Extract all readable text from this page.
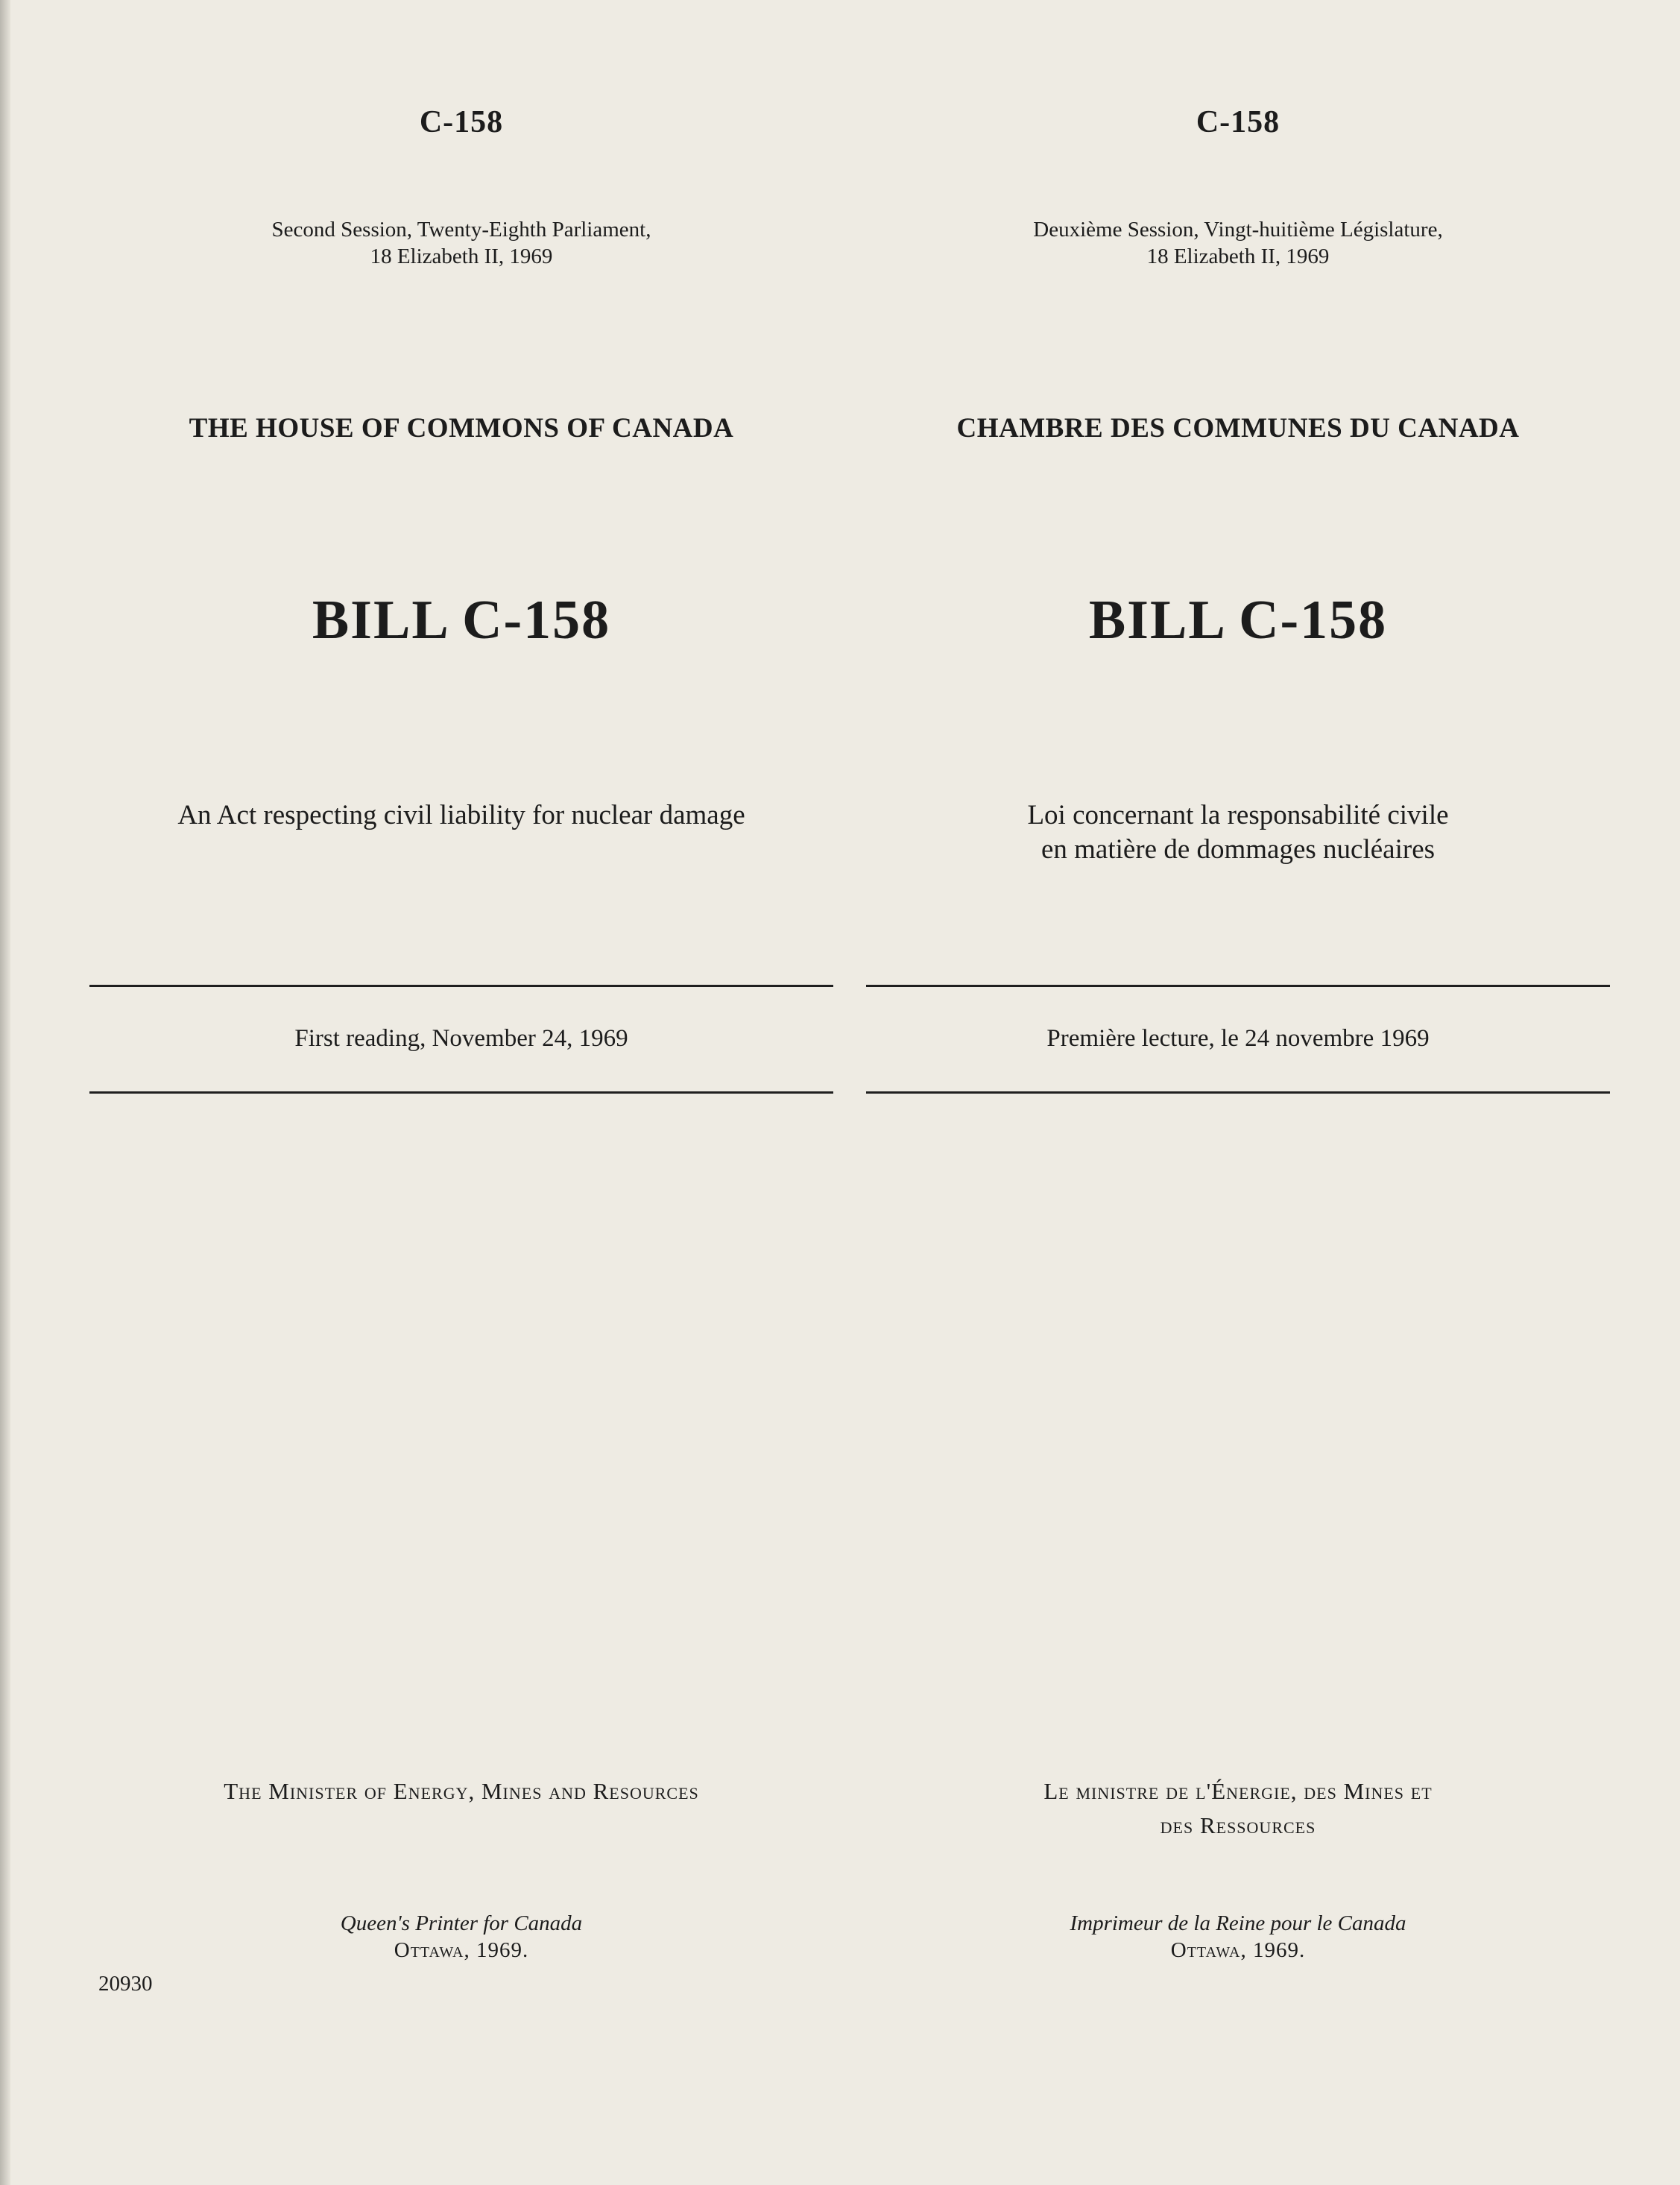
C-158
Second Session, Twenty-Eighth Parliament,
18 Elizabeth II, 1969
THE HOUSE OF COMMONS OF CANADA
BILL C-158
An Act respecting civil liability for nuclear damage
First reading, November 24, 1969
The Minister of Energy, Mines and Resources
Queen's Printer for Canada
Ottawa, 1969.
C-158
Deuxième Session, Vingt-huitième Législature,
18 Elizabeth II, 1969
CHAMBRE DES COMMUNES DU CANADA
BILL C-158
Loi concernant la responsabilité civile
en matière de dommages nucléaires
Première lecture, le 24 novembre 1969
Le ministre de l'Énergie, des Mines et
des Ressources
Imprimeur de la Reine pour le Canada
Ottawa, 1969.
20930
